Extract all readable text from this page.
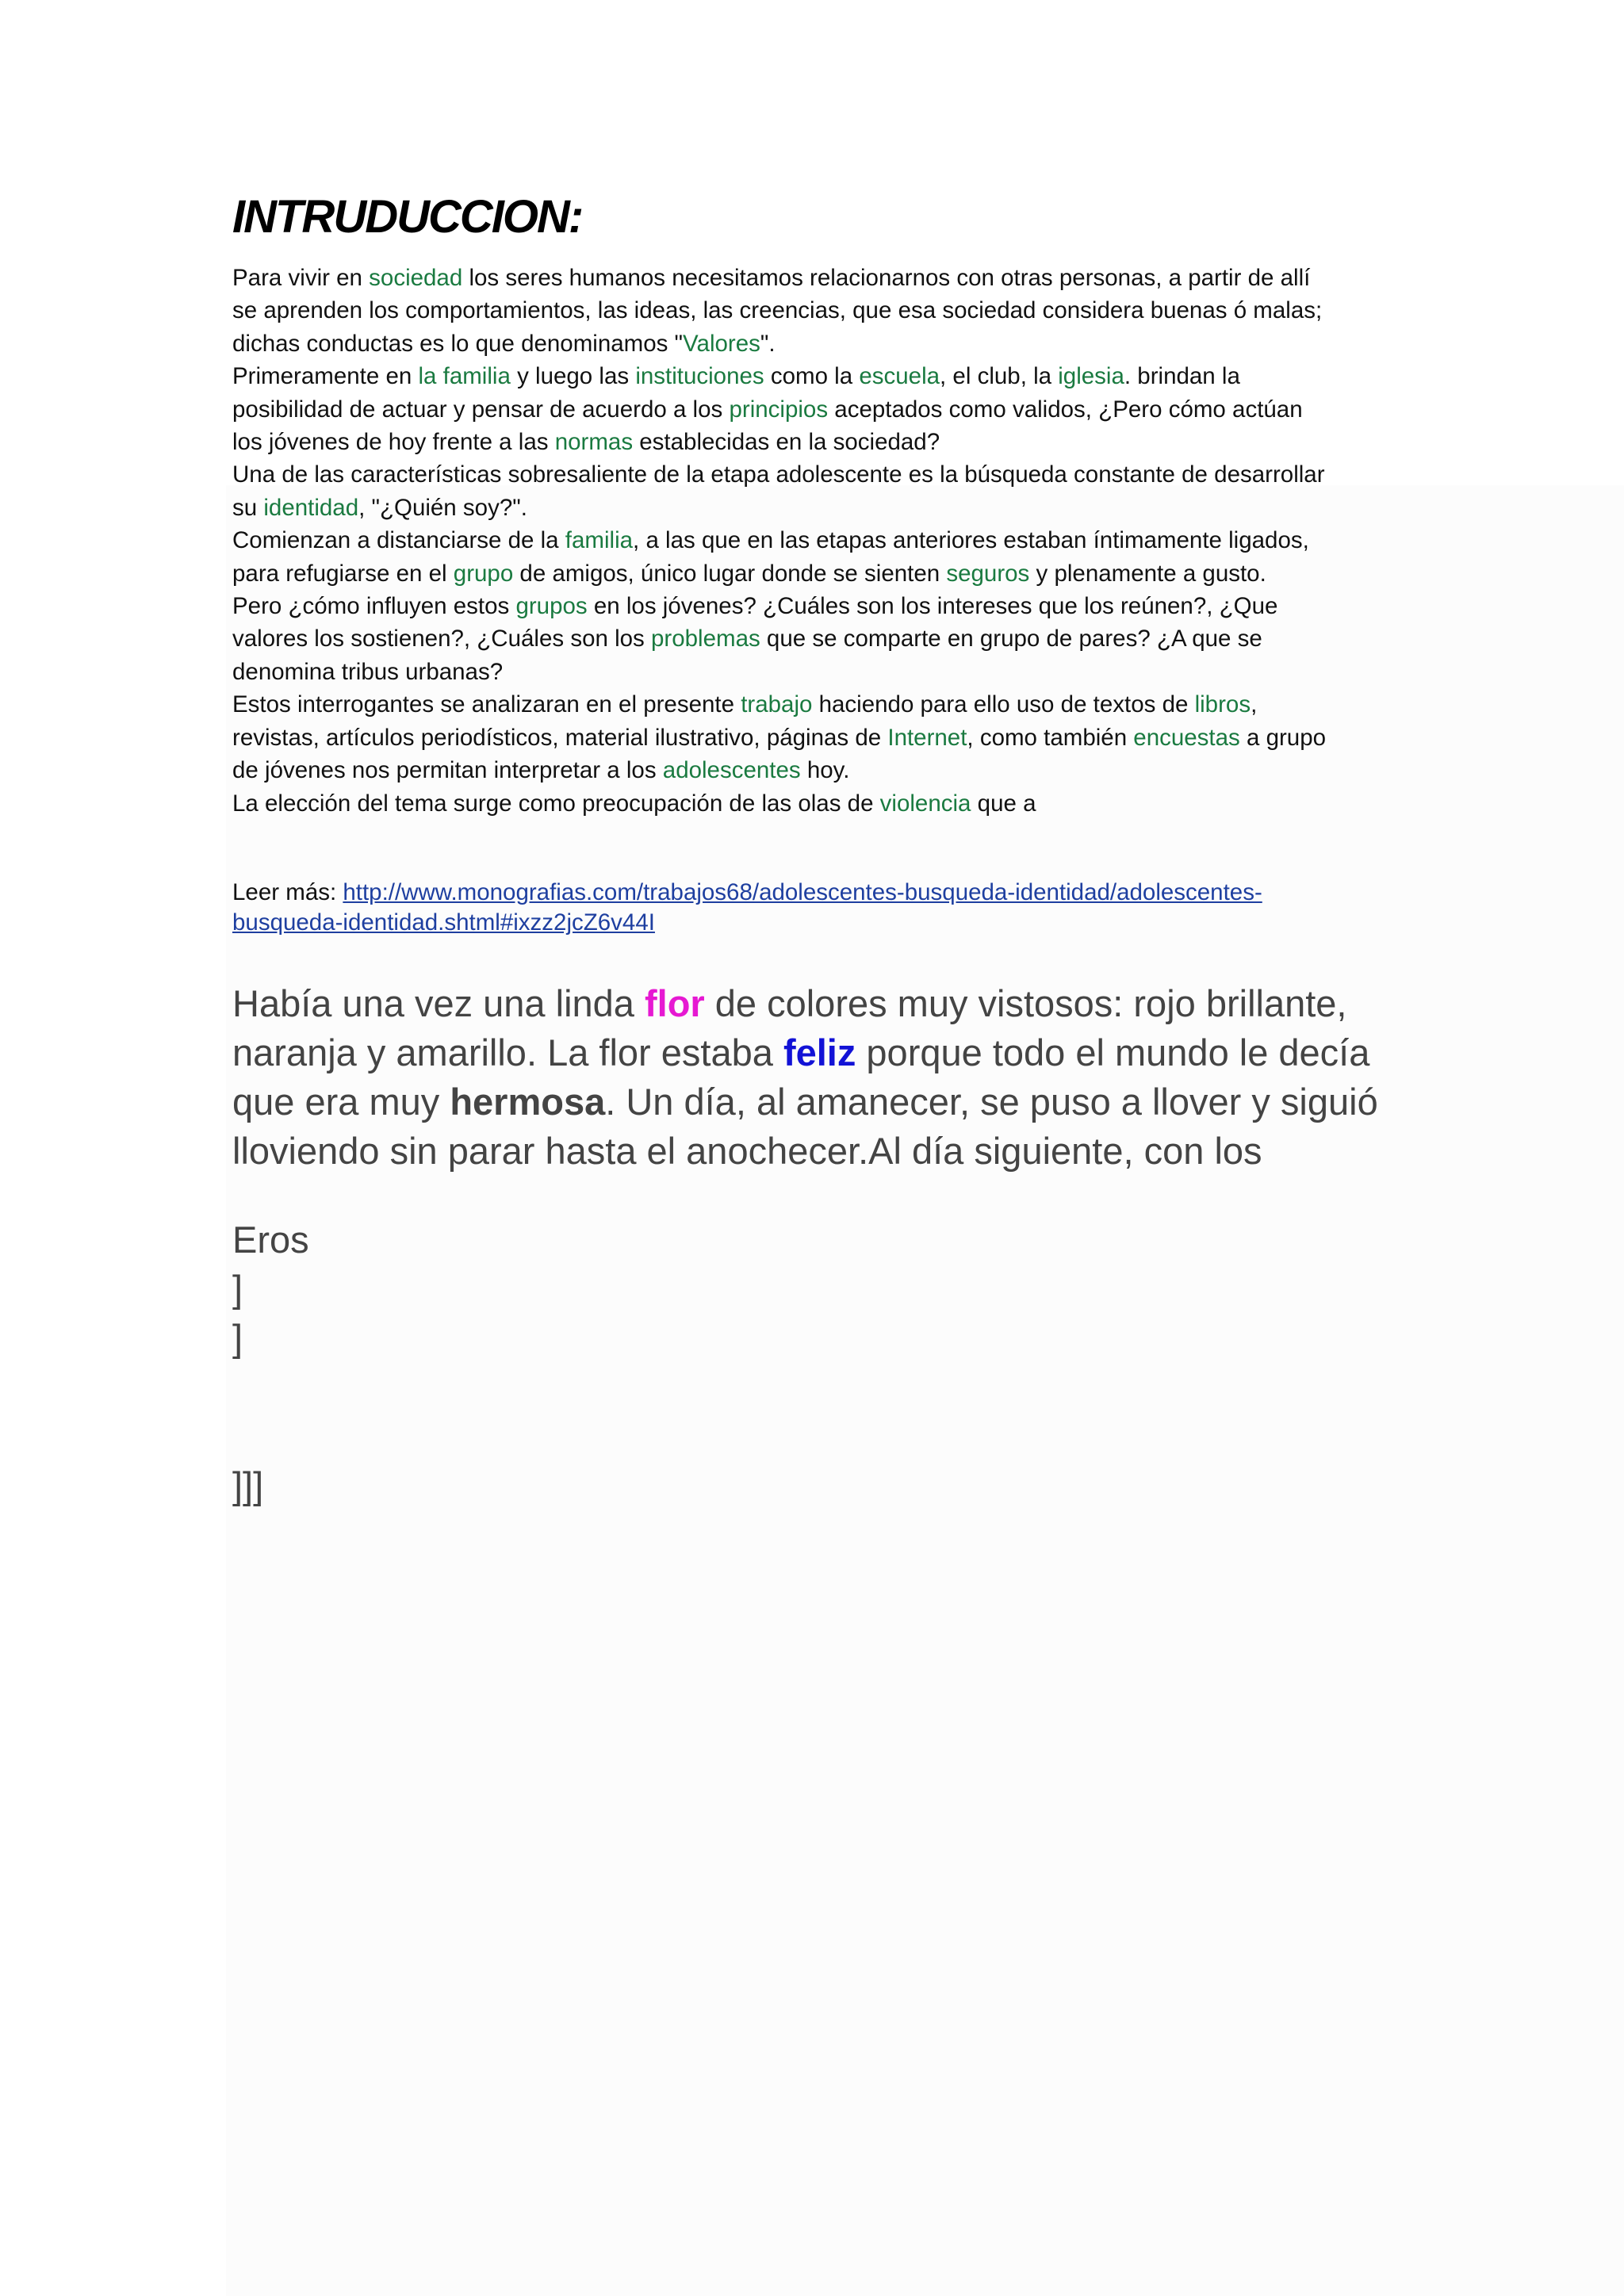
INTRUDUCCION:
Para vivir en sociedad los seres humanos necesitamos relacionarnos con otras personas, a partir de allí
se aprenden los comportamientos, las ideas, las creencias, que esa sociedad considera buenas ó malas;
dichas conductas es lo que denominamos "Valores".
Primeramente en la familia y luego las instituciones como la escuela, el club, la iglesia. brindan la
posibilidad de actuar y pensar de acuerdo a los principios aceptados como validos, ¿Pero cómo actúan
los jóvenes de hoy frente a las normas establecidas en la sociedad?
Una de las características sobresaliente de la etapa adolescente es la búsqueda constante de desarrollar
su identidad, "¿Quién soy?".
Comienzan a distanciarse de la familia, a las que en las etapas anteriores estaban íntimamente ligados,
para refugiarse en el grupo de amigos, único lugar donde se sienten seguros y plenamente a gusto.
Pero ¿cómo influyen estos grupos en los jóvenes? ¿Cuáles son los intereses que los reúnen?, ¿Que
valores los sostienen?, ¿Cuáles son los problemas que se comparte en grupo de pares? ¿A que se
denomina tribus urbanas?
Estos interrogantes se analizaran en el presente trabajo haciendo para ello uso de textos de libros,
revistas, artículos periodísticos, material ilustrativo, páginas de Internet, como también encuestas a grupo
de jóvenes nos permitan interpretar a los adolescentes hoy.
La elección del tema surge como preocupación de las olas de violencia que a
Leer más: http://www.monografias.com/trabajos68/adolescentes-busqueda-identidad/adolescentes-
busqueda-identidad.shtml#ixzz2jcZ6v44I
Había una vez una linda flor de colores muy vistosos: rojo brillante,
naranja y amarillo. La flor estaba feliz porque todo el mundo le decía
que era muy hermosa. Un día, al amanecer, se puso a llover y siguió
lloviendo sin parar hasta el anochecer.Al día siguiente, con los
Eros
]
]

]]]
